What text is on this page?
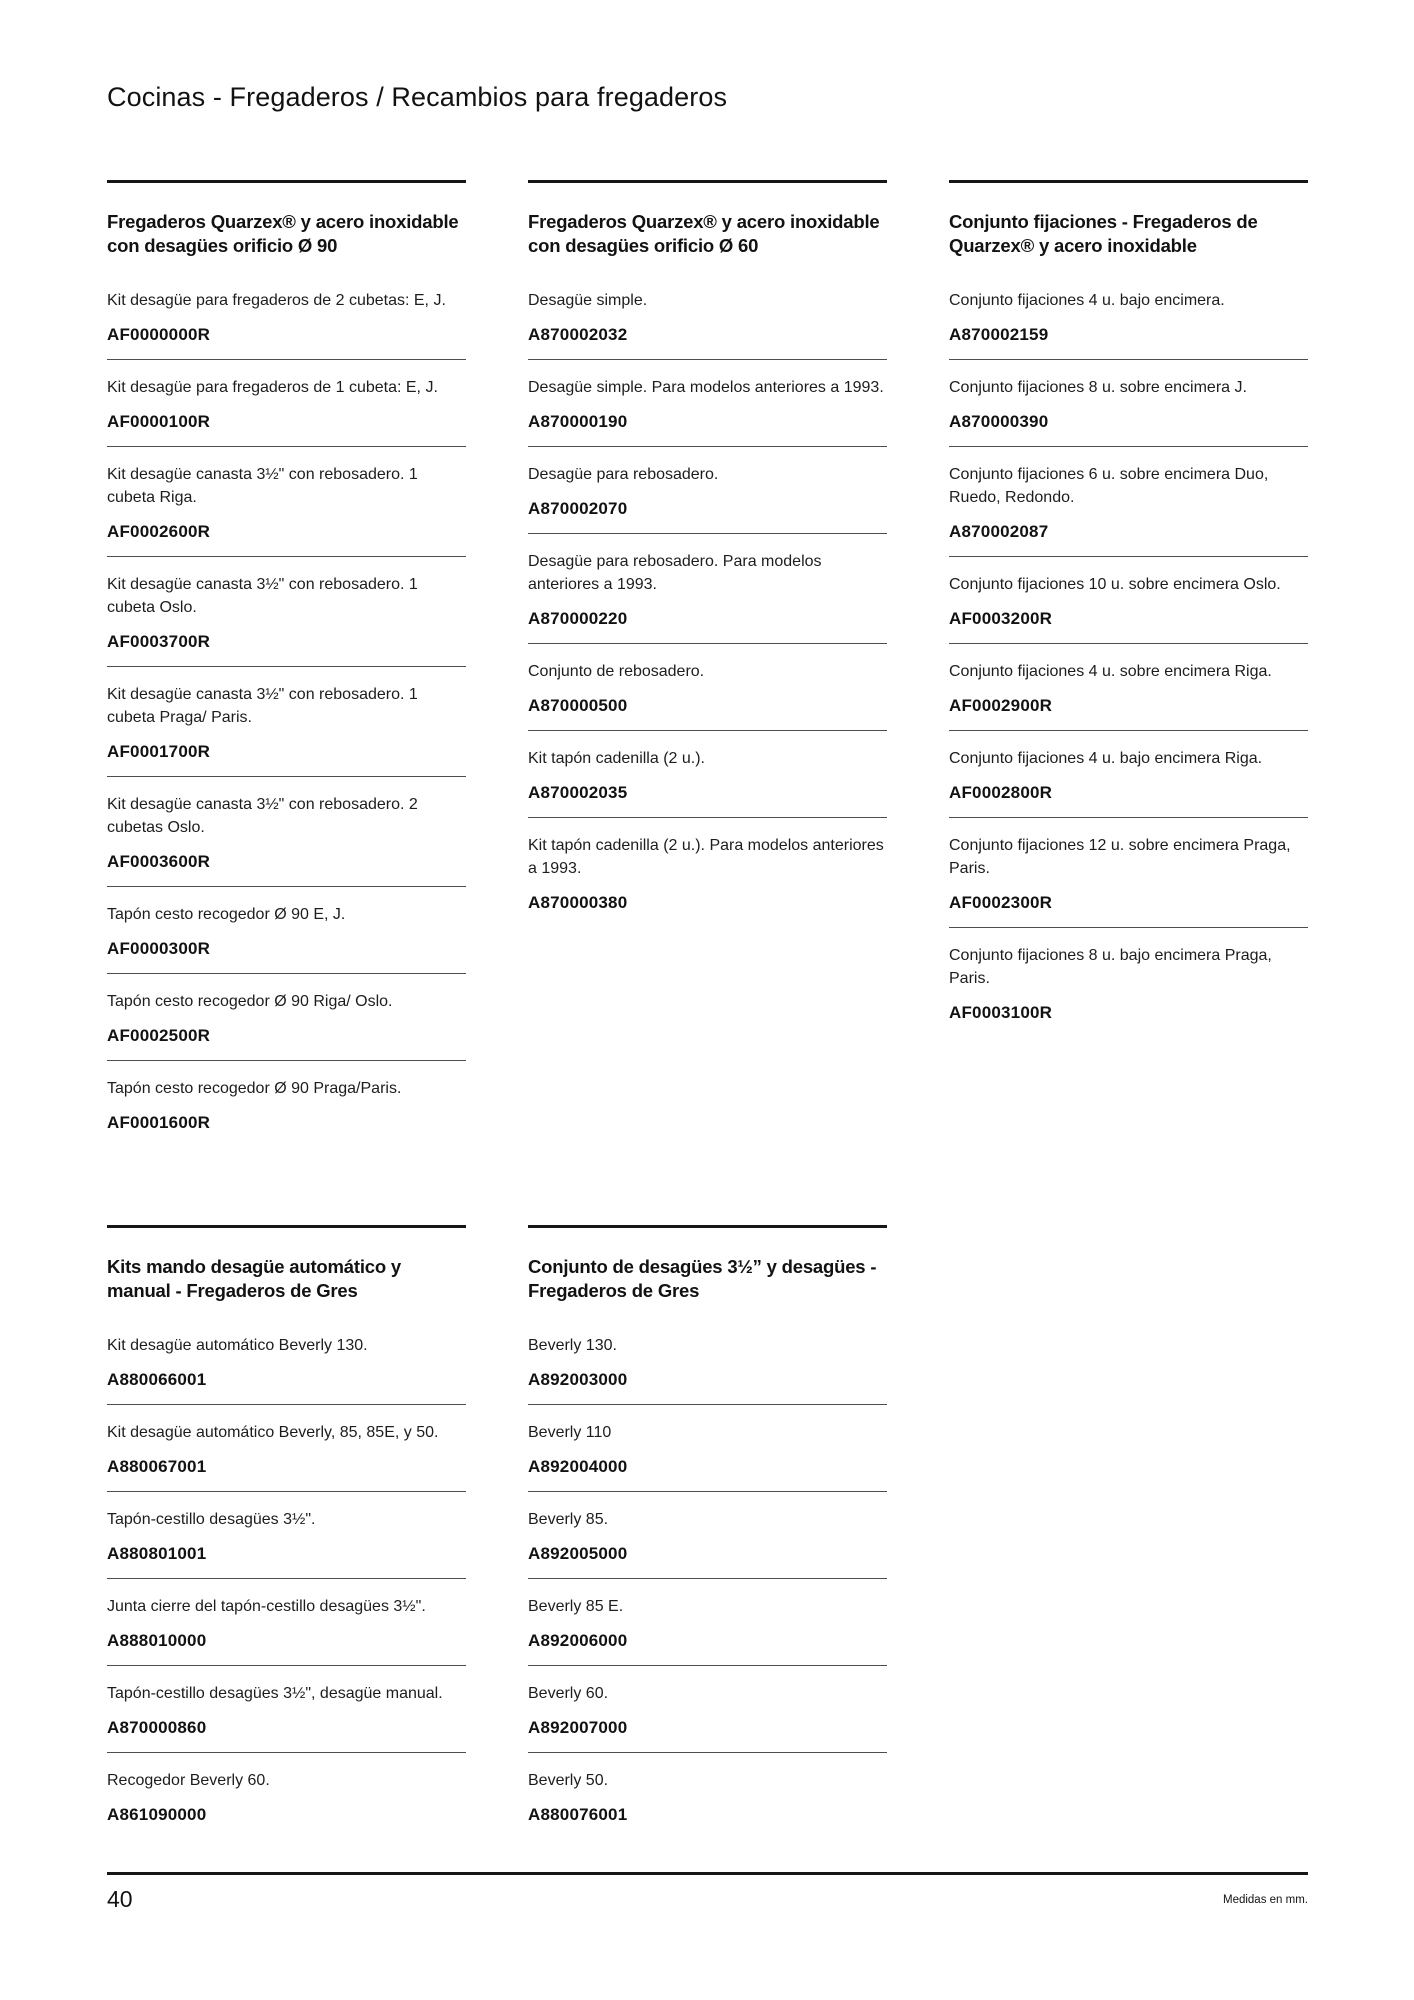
Cocinas - Fregaderos / Recambios para fregaderos
Fregaderos Quarzex® y acero inoxidable con desagües orificio Ø 90

Kit desagüe para fregaderos de 2 cubetas: E, J.

AF0000000R

Kit desagüe para fregaderos de 1 cubeta: E, J.

AF0000100R

Kit desagüe canasta 3½" con rebosadero. 1 cubeta Riga.

AF0002600R

Kit desagüe canasta 3½" con rebosadero. 1 cubeta Oslo.

AF0003700R

Kit desagüe canasta 3½" con rebosadero. 1 cubeta Praga/ Paris.

AF0001700R

Kit desagüe canasta 3½" con rebosadero. 2 cubetas Oslo.

AF0003600R

Tapón cesto recogedor Ø 90 E, J.

AF0000300R

Tapón cesto recogedor Ø 90 Riga/ Oslo.

AF0002500R

Tapón cesto recogedor Ø 90 Praga/Paris.

AF0001600R

Fregaderos Quarzex® y acero inoxidable con desagües orificio Ø 60

Desagüe simple.

A870002032

Desagüe simple. Para modelos anteriores a 1993.

A870000190

Desagüe para rebosadero.

A870002070

Desagüe para rebosadero. Para modelos anteriores a 1993.

A870000220

Conjunto de rebosadero.

A870000500

Kit tapón cadenilla (2 u.).

A870002035

Kit tapón cadenilla (2 u.). Para modelos anteriores a 1993.

A870000380

Conjunto fijaciones - Fregaderos de Quarzex® y acero inoxidable

Conjunto fijaciones 4 u. bajo encimera.

A870002159

Conjunto fijaciones 8 u. sobre encimera J.

A870000390

Conjunto fijaciones 6 u. sobre encimera Duo, Ruedo, Redondo.

A870002087

Conjunto fijaciones 10 u. sobre encimera Oslo.

AF0003200R

Conjunto fijaciones 4 u. sobre encimera Riga.

AF0002900R

Conjunto fijaciones 4 u. bajo encimera Riga.

AF0002800R

Conjunto fijaciones 12 u. sobre encimera Praga, Paris.

AF0002300R

Conjunto fijaciones 8 u. bajo encimera Praga, Paris.

AF0003100R

Kits mando desagüe automático y manual - Fregaderos de Gres

Kit desagüe automático Beverly 130.

A880066001

Kit desagüe automático Beverly, 85, 85E, y 50.

A880067001

Tapón-cestillo desagües 3½".

A880801001

Junta cierre del tapón-cestillo desagües 3½".

A888010000

Tapón-cestillo desagües 3½", desagüe manual.

A870000860

Recogedor Beverly 60.

A861090000

Conjunto de desagües 3½” y desagües - Fregaderos de Gres

Beverly 130.

A892003000

Beverly 110

A892004000

Beverly 85.

A892005000

Beverly 85 E.

A892006000

Beverly 60.

A892007000

Beverly 50.

A880076001

40	Medidas en mm.
